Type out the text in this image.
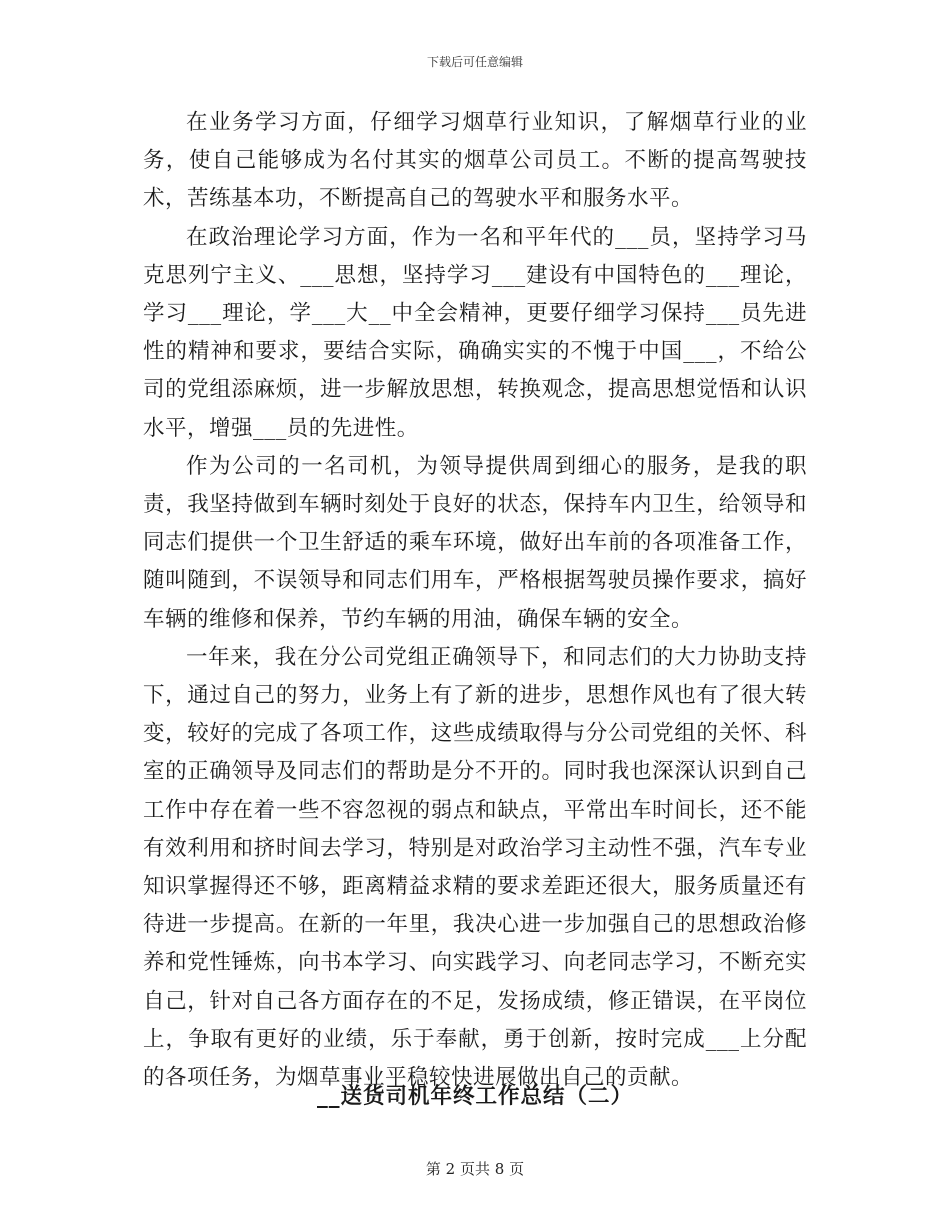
下载后可任意编辑

在业务学习方面，仔细学习烟草行业知识，了解烟草行业的业务，使自己能够成为名付其实的烟草公司员工。不断的提高驾驶技术，苦练基本功，不断提高自己的驾驶水平和服务水平。

在政治理论学习方面，作为一名和平年代的___员，坚持学习马克思列宁主义、___思想，坚持学习___建设有中国特色的___理论，学习___理论，学___大__中全会精神，更要仔细学习保持___员先进性的精神和要求，要结合实际，确确实实的不愧于中国___，不给公司的党组添麻烦，进一步解放思想，转换观念，提高思想觉悟和认识水平，增强___员的先进性。

作为公司的一名司机，为领导提供周到细心的服务，是我的职责，我坚持做到车辆时刻处于良好的状态，保持车内卫生，给领导和同志们提供一个卫生舒适的乘车环境，做好出车前的各项准备工作，随叫随到，不误领导和同志们用车，严格根据驾驶员操作要求，搞好车辆的维修和保养，节约车辆的用油，确保车辆的安全。

一年来，我在分公司党组正确领导下，和同志们的大力协助支持下，通过自己的努力，业务上有了新的进步，思想作风也有了很大转变，较好的完成了各项工作，这些成绩取得与分公司党组的关怀、科室的正确领导及同志们的帮助是分不开的。同时我也深深认识到自己工作中存在着一些不容忽视的弱点和缺点，平常出车时间长，还不能有效利用和挤时间去学习，特别是对政治学习主动性不强，汽车专业知识掌握得还不够，距离精益求精的要求差距还很大，服务质量还有待进一步提高。在新的一年里，我决心进一步加强自己的思想政治修养和党性锤炼，向书本学习、向实践学习、向老同志学习，不断充实自己，针对自己各方面存在的不足，发扬成绩，修正错误，在平岗位上，争取有更好的业绩，乐于奉献，勇于创新，按时完成___上分配的各项任务，为烟草事业平稳较快进展做出自己的贡献。

__送货司机年终工作总结（二）
第 2 页共 8 页
